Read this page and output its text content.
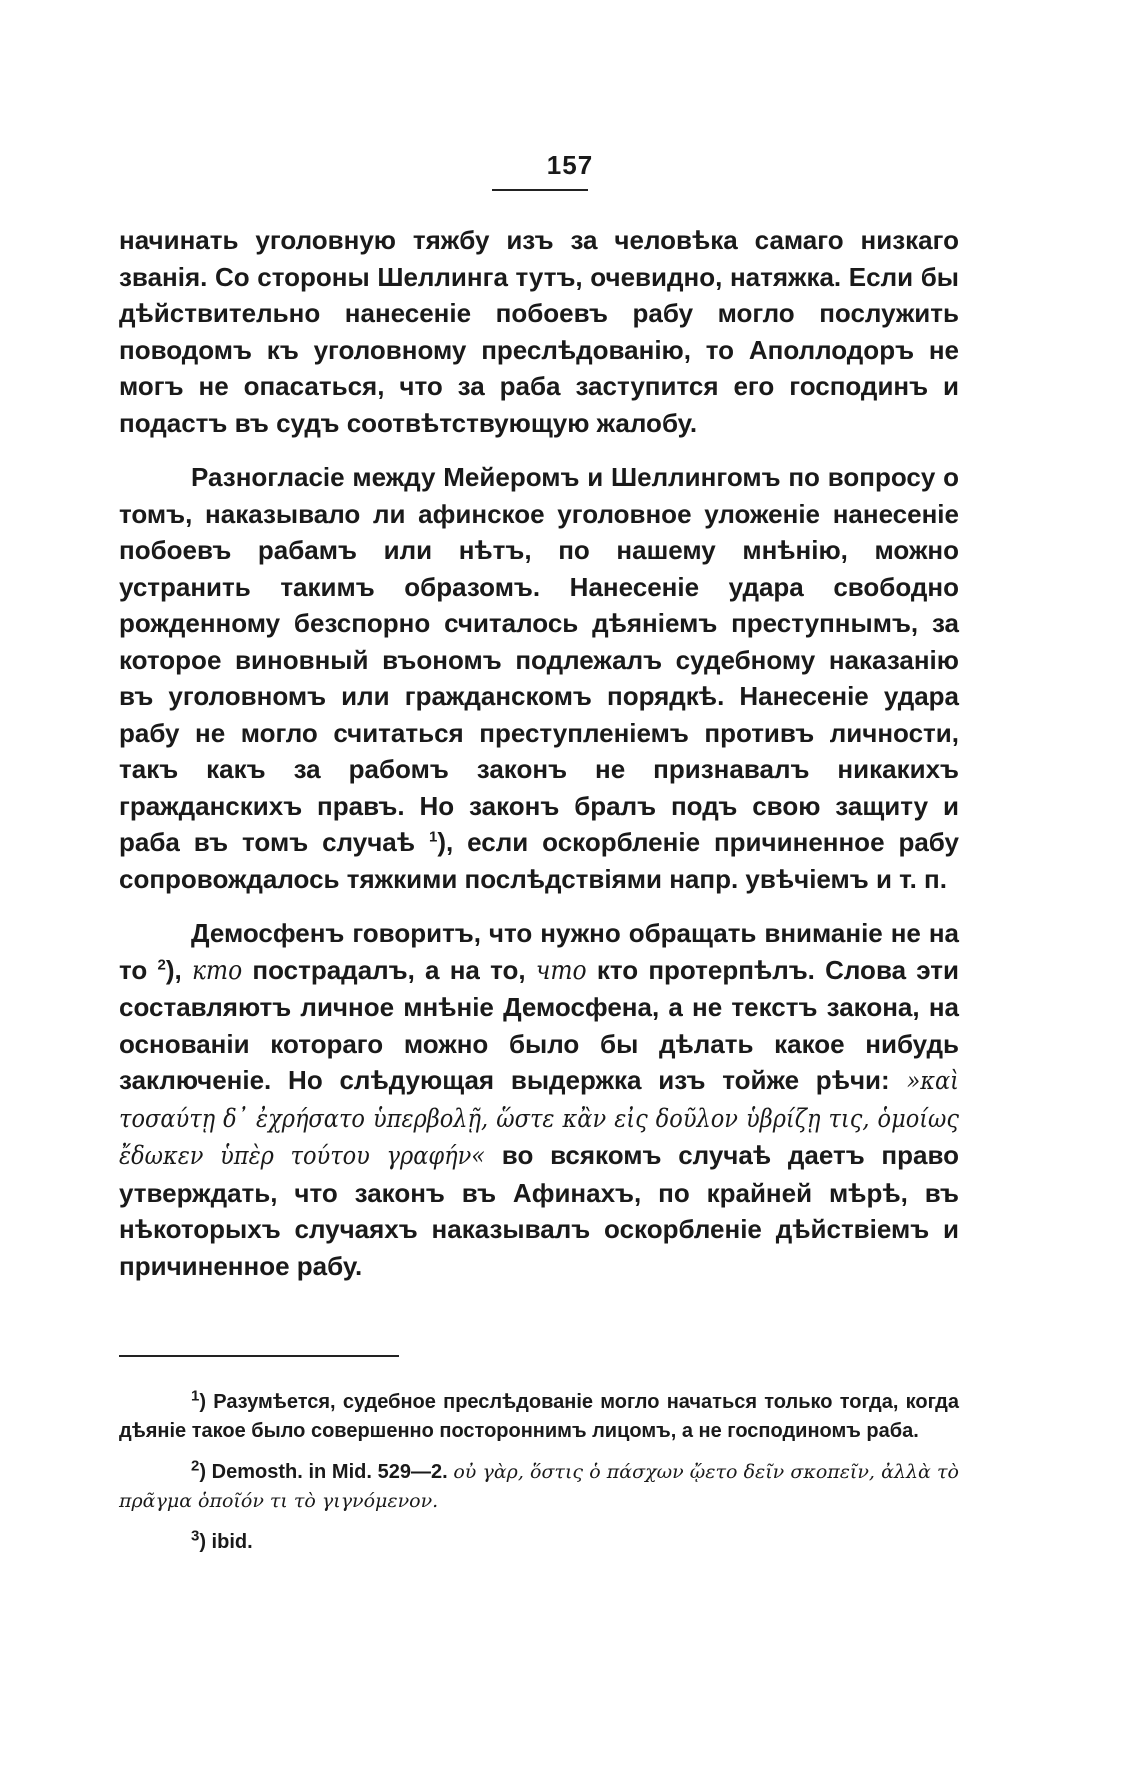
157

начинать уголовную тяжбу изъ за человѣка самаго низкаго званія. Со стороны Шеллинга тутъ, очевидно, натяжка. Если бы дѣйствительно нанесеніе побоевъ рабу могло послужить поводомъ къ уголовному преслѣдованію, то Аполлодоръ не могъ не опасаться, что за раба заступится его господинъ и подастъ въ судъ соотвѣтствующую жалобу.

Разногласіе между Мейеромъ и Шеллингомъ по вопросу о томъ, наказывало ли афинское уголовное уложеніе нанесеніе побоевъ рабамъ или нѣтъ, по нашему мнѣнію, можно устранить такимъ образомъ. Нанесеніе удара свободно рожденному безспорно считалось дѣяніемъ преступнымъ, за которое виновный въономъ подлежалъ судебному наказанію въ уголовномъ или гражданскомъ порядкѣ. Нанесеніе удара рабу не могло считаться преступленіемъ противъ личности, такъ какъ за рабомъ законъ не признавалъ никакихъ гражданскихъ правъ. Но законъ бралъ подъ свою защиту и раба въ томъ случаѣ $^1$), если оскорбленіе причиненное рабу сопровождалось тяжкими послѣдствіями напр. увѣчіемъ и т. п.

Демосфенъ говоритъ, что нужно обращать вниманіе не на то $^2$), кто пострадалъ, а на то, что кто протерпѣлъ. Слова эти составляютъ личное мнѣніе Демосфена, а не текстъ закона, на основаніи котораго можно было бы дѣлать какое нибудь заключеніе. Но слѣдующая выдержка изъ тойже рѣчи: »καὶ τοσαύτῃ δ᾿ ἐχρήσατο ὑπερβολῇ, ὥστε κἂν εἰς δοῦλον ὑβρίζῃ τις, ὁμοίως ἔδωκεν ὑπὲρ τούτου γραφήν« во всякомъ случаѣ даетъ право утверждать, что законъ въ Афинахъ, по крайней мѣрѣ, въ нѣкоторыхъ случаяхъ наказывалъ оскорбленіе дѣйствіемъ и причиненное рабу.

$^1$) Разумѣется, судебное преслѣдованіе могло начаться только тогда, когда дѣяніе такое было совершенно постороннимъ лицомъ, а не господиномъ раба.

$^2$) Demosth. in Mid. 529—2. οὐ γὰρ, ὅστις ὁ πάσχων ᾤετο δεῖν σκοπεῖν, ἀλλὰ τὸ πρᾶγμα ὁποῖόν τι τὸ γιγνόμενον.

$^3$) ibid.
